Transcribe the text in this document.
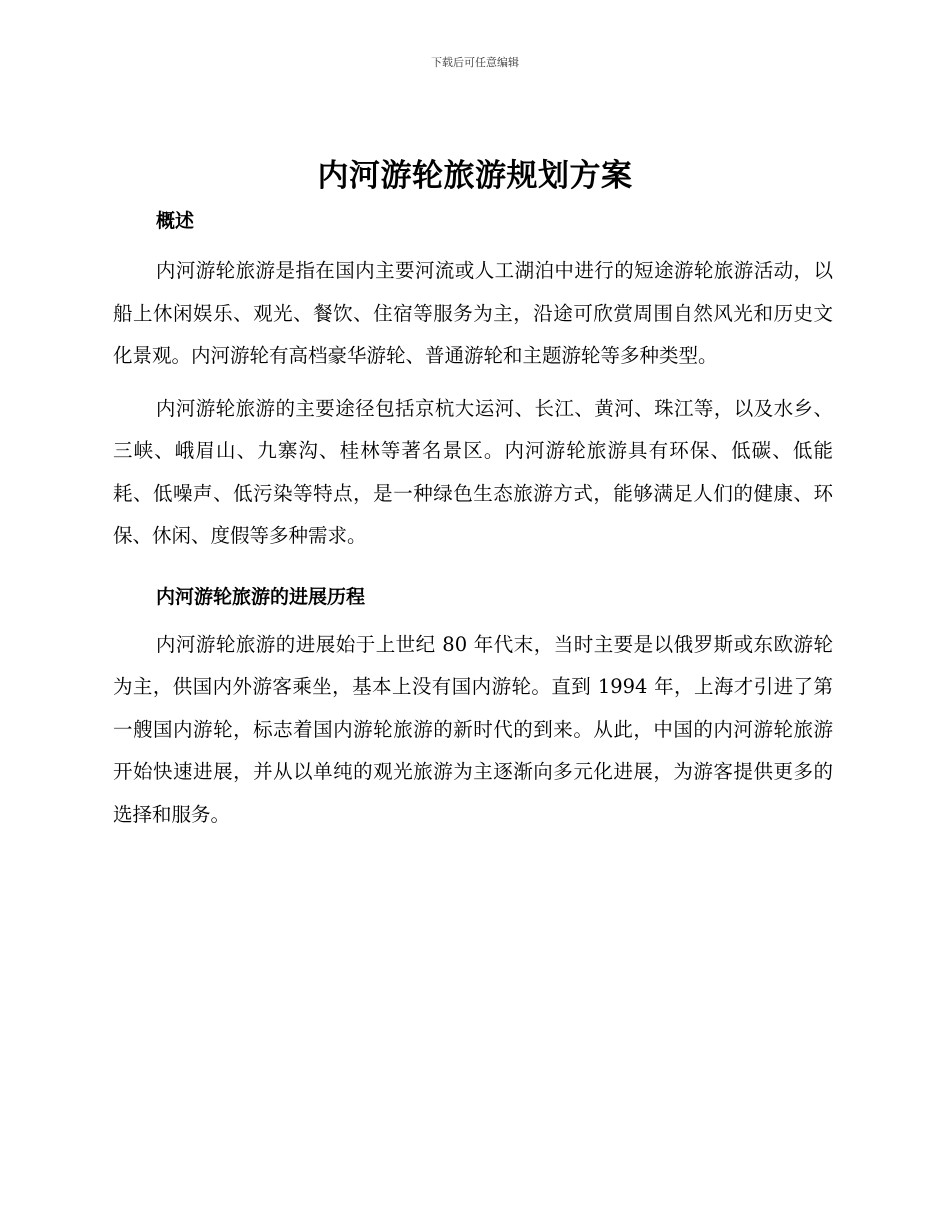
下载后可任意编辑
内河游轮旅游规划方案
概述

内河游轮旅游是指在国内主要河流或人工湖泊中进行的短途游轮旅游活动，以船上休闲娱乐、观光、餐饮、住宿等服务为主，沿途可欣赏周围自然风光和历史文化景观。内河游轮有高档豪华游轮、普通游轮和主题游轮等多种类型。

内河游轮旅游的主要途径包括京杭大运河、长江、黄河、珠江等，以及水乡、三峡、峨眉山、九寨沟、桂林等著名景区。内河游轮旅游具有环保、低碳、低能耗、低噪声、低污染等特点，是一种绿色生态旅游方式，能够满足人们的健康、环保、休闲、度假等多种需求。

内河游轮旅游的进展历程

内河游轮旅游的进展始于上世纪 80 年代末，当时主要是以俄罗斯或东欧游轮为主，供国内外游客乘坐，基本上没有国内游轮。直到 1994 年，上海才引进了第一艘国内游轮，标志着国内游轮旅游的新时代的到来。从此，中国的内河游轮旅游开始快速进展，并从以单纯的观光旅游为主逐渐向多元化进展，为游客提供更多的选择和服务。
